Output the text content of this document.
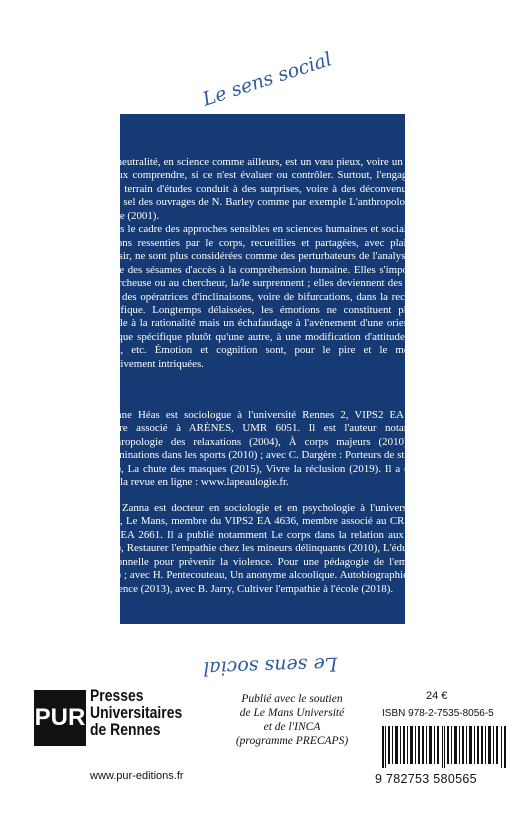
Le sens social

La neutralité, en science comme ailleurs, est un vœu pieux, voire un leurre, à mieux comprendre, si ce n'est évaluer ou contrôler. Surtout, l'engagement sur un terrain d'études conduit à des surprises, voire à des déconvenues qui font le sel des ouvrages de N. Barley comme par exemple L'anthropologue en déroute (2001).

Dans le cadre des approches sensibles en sciences humaines et sociales, les émotions ressenties par le corps, recueillies et partagées, avec plaisir ou déplaisir, ne sont plus considérées comme des perturbateurs de l'analyse mais comme des sésames d'accès à la compréhension humaine. Elles s'imposent à la chercheuse ou au chercheur, la/le surprennent ; elles deviennent des guides utiles, des opératrices d'inclinaisons, voire de bifurcations, dans la recherche scientifique. Longtemps délaissées, les émotions ne constituent plus un obstacle à la rationalité mais un échafaudage à l'avènement d'une orientation théorique spécifique plutôt qu'une autre, à une modification d'attitude sur le terrain, etc. Émotion et cognition sont, pour le pire et le meilleur, définitivement intriquées.

Stéphane Héas est sociologue à l'université Rennes 2, VIPS2 EA 4636, membre associé à ARÈNES, UMR 6051. Il est l'auteur notamment d'Anthropologie des relaxations (2004), À corps majeurs (2010), Les discriminations dans les sports (2010) ; avec C. Dargère : Porteurs de stigmate (2014), La chute des masques (2015), Vivre la réclusion (2019). Il a créé et dirige la revue en ligne : www.lapeaulogie.fr.

Omar Zanna est docteur en sociologie et en psychologie à l'université du Maine, Le Mans, membre du VIPS2 EA 4636, membre associé au CREN-Le Mans EA 2661. Il a publié notamment Le corps dans la relation aux autres (2015), Restaurer l'empathie chez les mineurs délinquants (2010), L'éducation émotionnelle pour prévenir la violence. Pour une pédagogie de l'empathie (2019) ; avec H. Pentecouteau, Un anonyme alcoolique. Autobiographie d'une abstinence (2013), avec B. Jarry, Cultiver l'empathie à l'école (2018).

Le sens social
PUR
Presses
Universitaires
de Rennes
www.pur-editions.fr
Publié avec le soutien
de Le Mans Université
et de l'INCA
(programme PRECAPS)
24 €
ISBN 978-2-7535-8056-5
9 782753 580565
